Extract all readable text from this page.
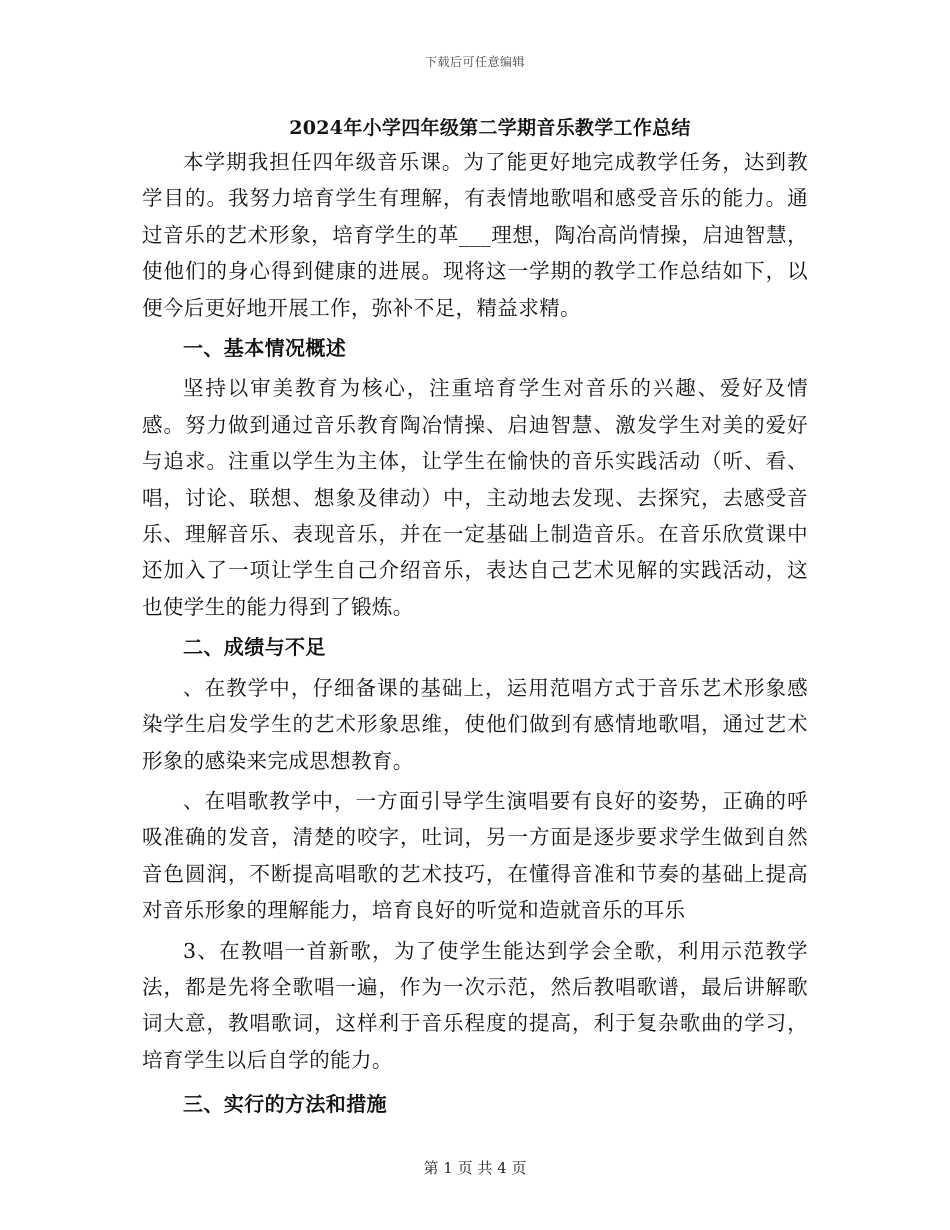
下载后可任意编辑
2024年小学四年级第二学期音乐教学工作总结

本学期我担任四年级音乐课。为了能更好地完成教学任务，达到教学目的。我努力培育学生有理解，有表情地歌唱和感受音乐的能力。通过音乐的艺术形象，培育学生的革___理想，陶冶高尚情操，启迪智慧，使他们的身心得到健康的进展。现将这一学期的教学工作总结如下，以便今后更好地开展工作，弥补不足，精益求精。

一、基本情况概述

坚持以审美教育为核心，注重培育学生对音乐的兴趣、爱好及情感。努力做到通过音乐教育陶冶情操、启迪智慧、激发学生对美的爱好与追求。注重以学生为主体，让学生在愉快的音乐实践活动（听、看、唱，讨论、联想、想象及律动）中，主动地去发现、去探究，去感受音乐、理解音乐、表现音乐，并在一定基础上制造音乐。在音乐欣赏课中还加入了一项让学生自己介绍音乐，表达自己艺术见解的实践活动，这也使学生的能力得到了锻炼。

二、成绩与不足

、在教学中，仔细备课的基础上，运用范唱方式于音乐艺术形象感染学生启发学生的艺术形象思维，使他们做到有感情地歌唱，通过艺术形象的感染来完成思想教育。

、在唱歌教学中，一方面引导学生演唱要有良好的姿势，正确的呼吸准确的发音，清楚的咬字，吐词，另一方面是逐步要求学生做到自然音色圆润，不断提高唱歌的艺术技巧，在懂得音准和节奏的基础上提高对音乐形象的理解能力，培育良好的听觉和造就音乐的耳乐

3、在教唱一首新歌，为了使学生能达到学会全歌，利用示范教学法，都是先将全歌唱一遍，作为一次示范，然后教唱歌谱，最后讲解歌词大意，教唱歌词，这样利于音乐程度的提高，利于复杂歌曲的学习，培育学生以后自学的能力。

三、实行的方法和措施
第 1 页 共 4 页
